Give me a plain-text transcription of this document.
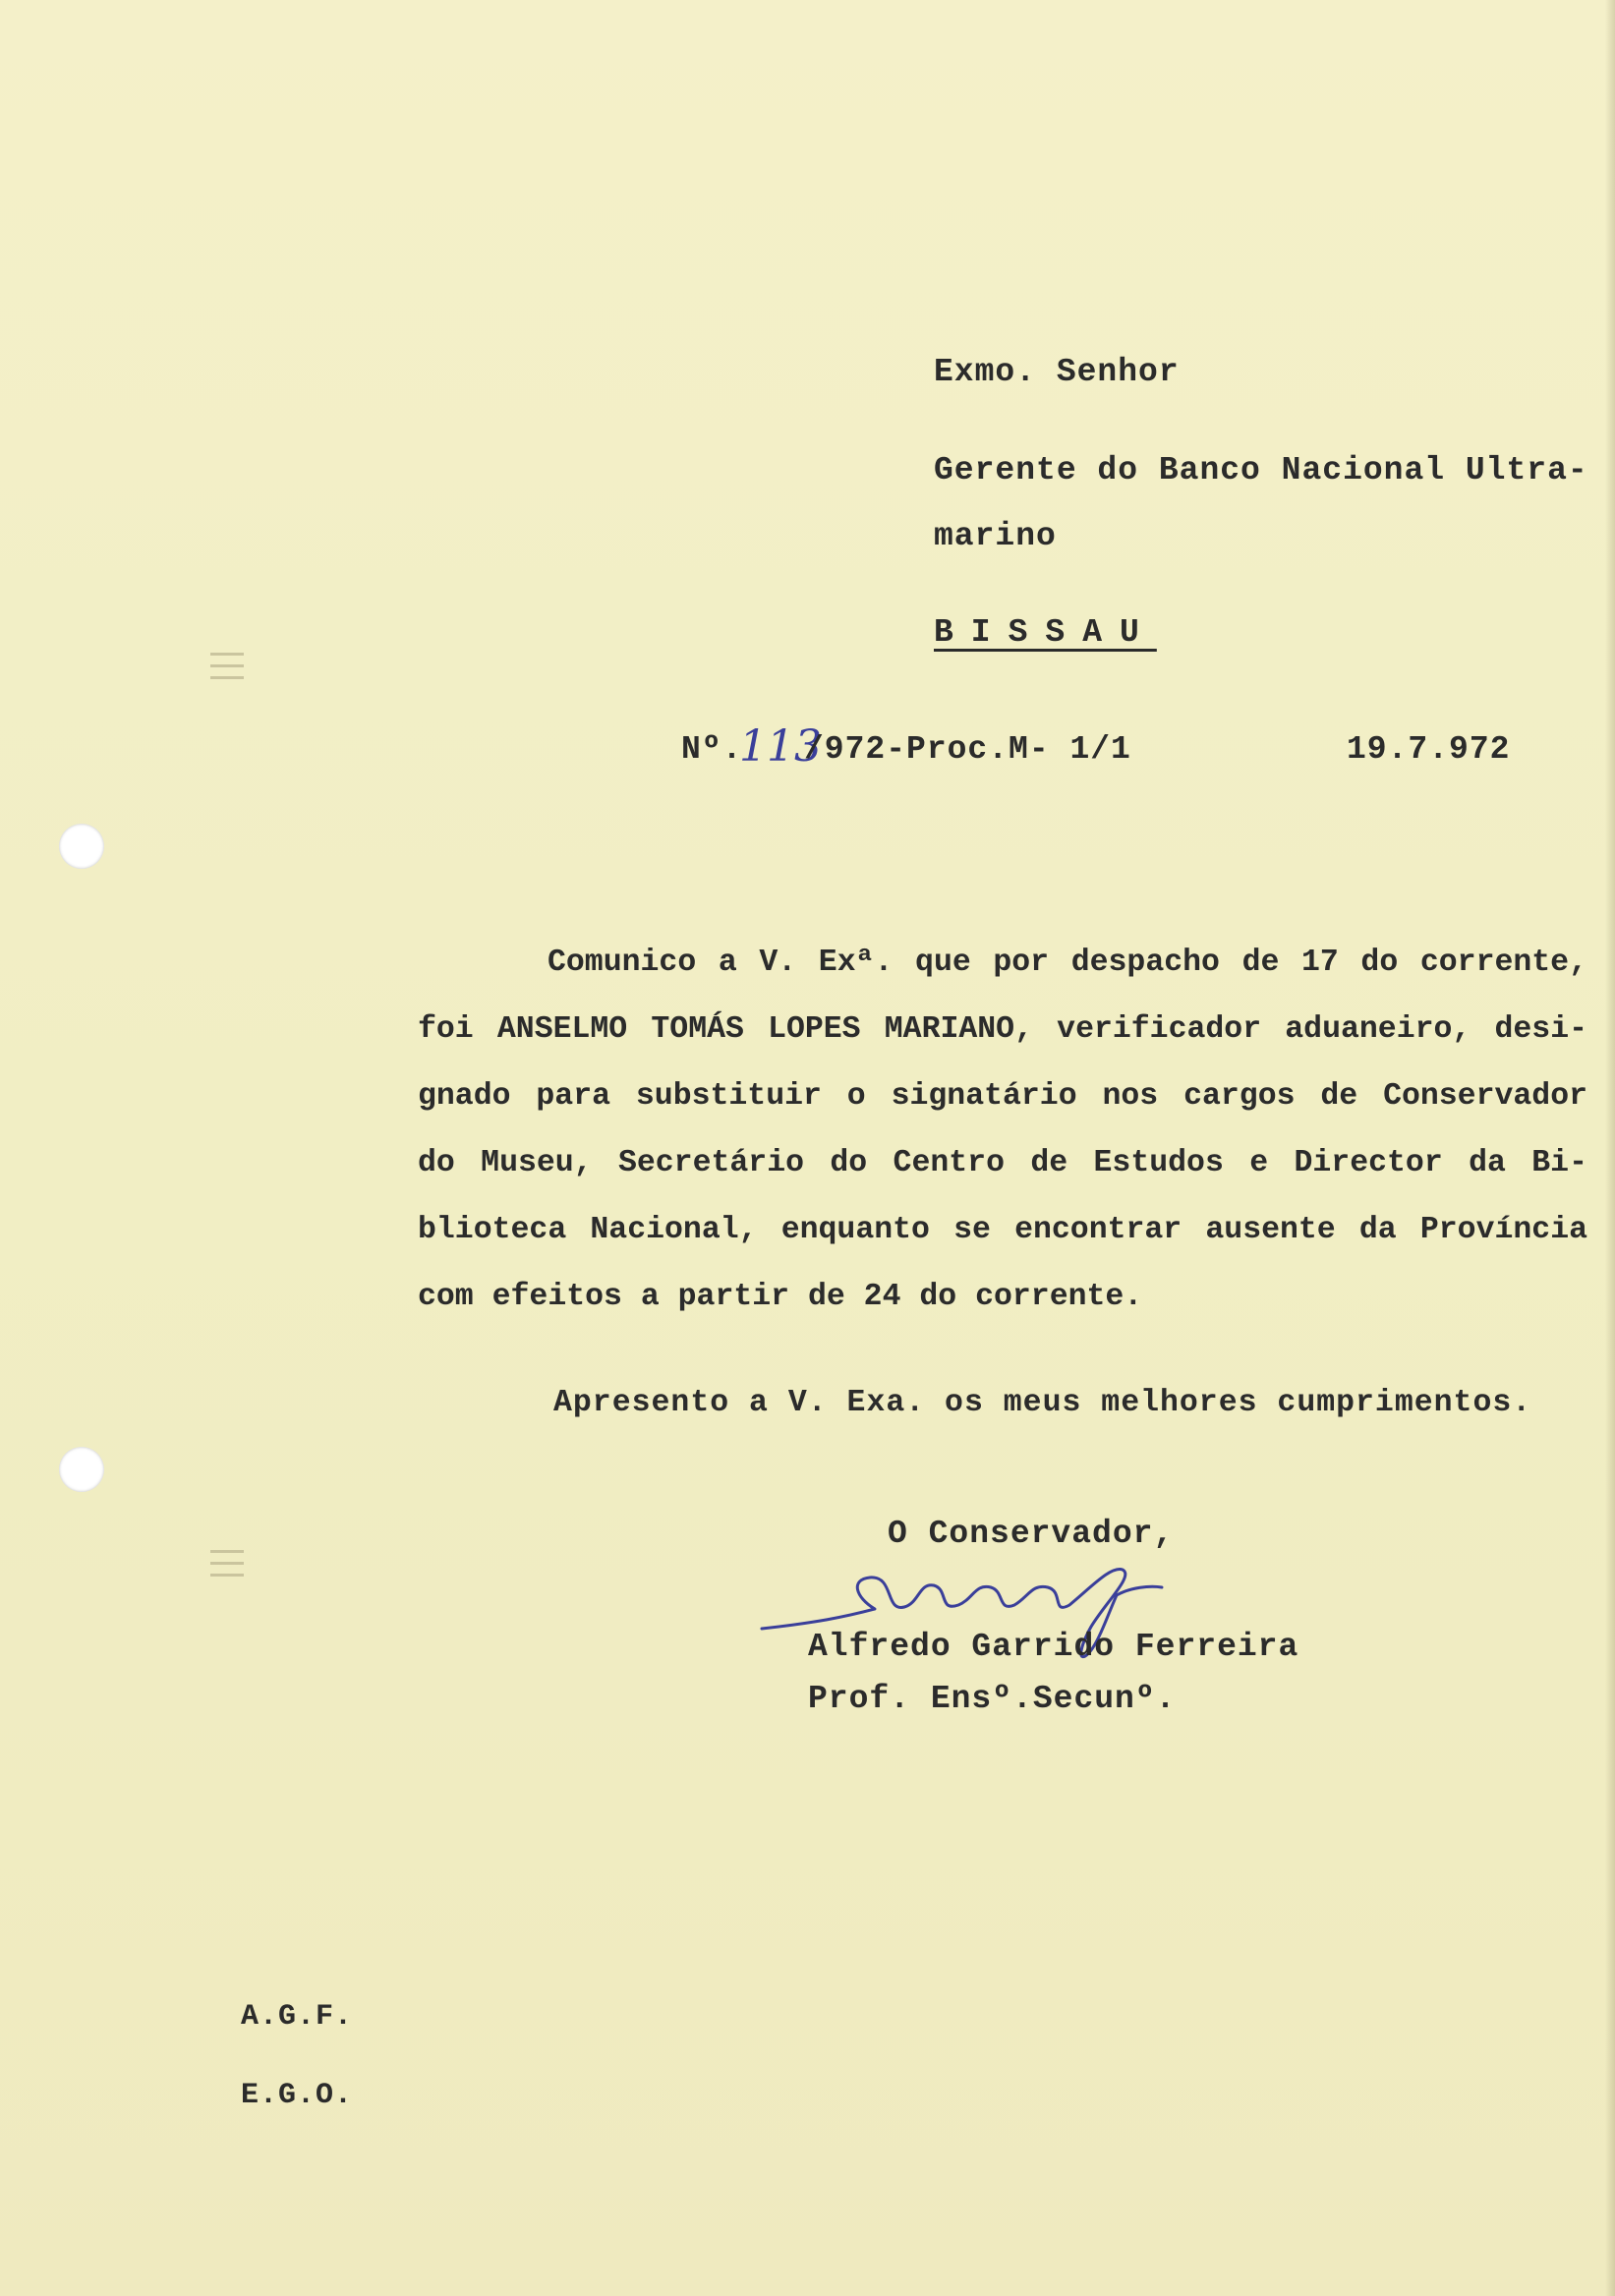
Exmo. Senhor
Gerente do Banco Nacional Ultra-
marino
BISSAU
Nº.
113
/972-Proc.M- 1/1	19.7.972
Comunico a V. Exª. que por despacho de 17 do corrente,
foi ANSELMO TOMÁS LOPES MARIANO, verificador aduaneiro, desi-
gnado para substituir o signatário nos cargos de Conservador
do Museu, Secretário do Centro de Estudos e Director da Bi-
blioteca Nacional, enquanto se encontrar ausente da Província
com efeitos a partir de 24 do corrente.
Apresento a V. Exa. os meus melhores cumprimentos.
O Conservador,
Alfredo Garrido Ferreira
Prof. Ensº.Secunº.
A.G.F.
E.G.O.
